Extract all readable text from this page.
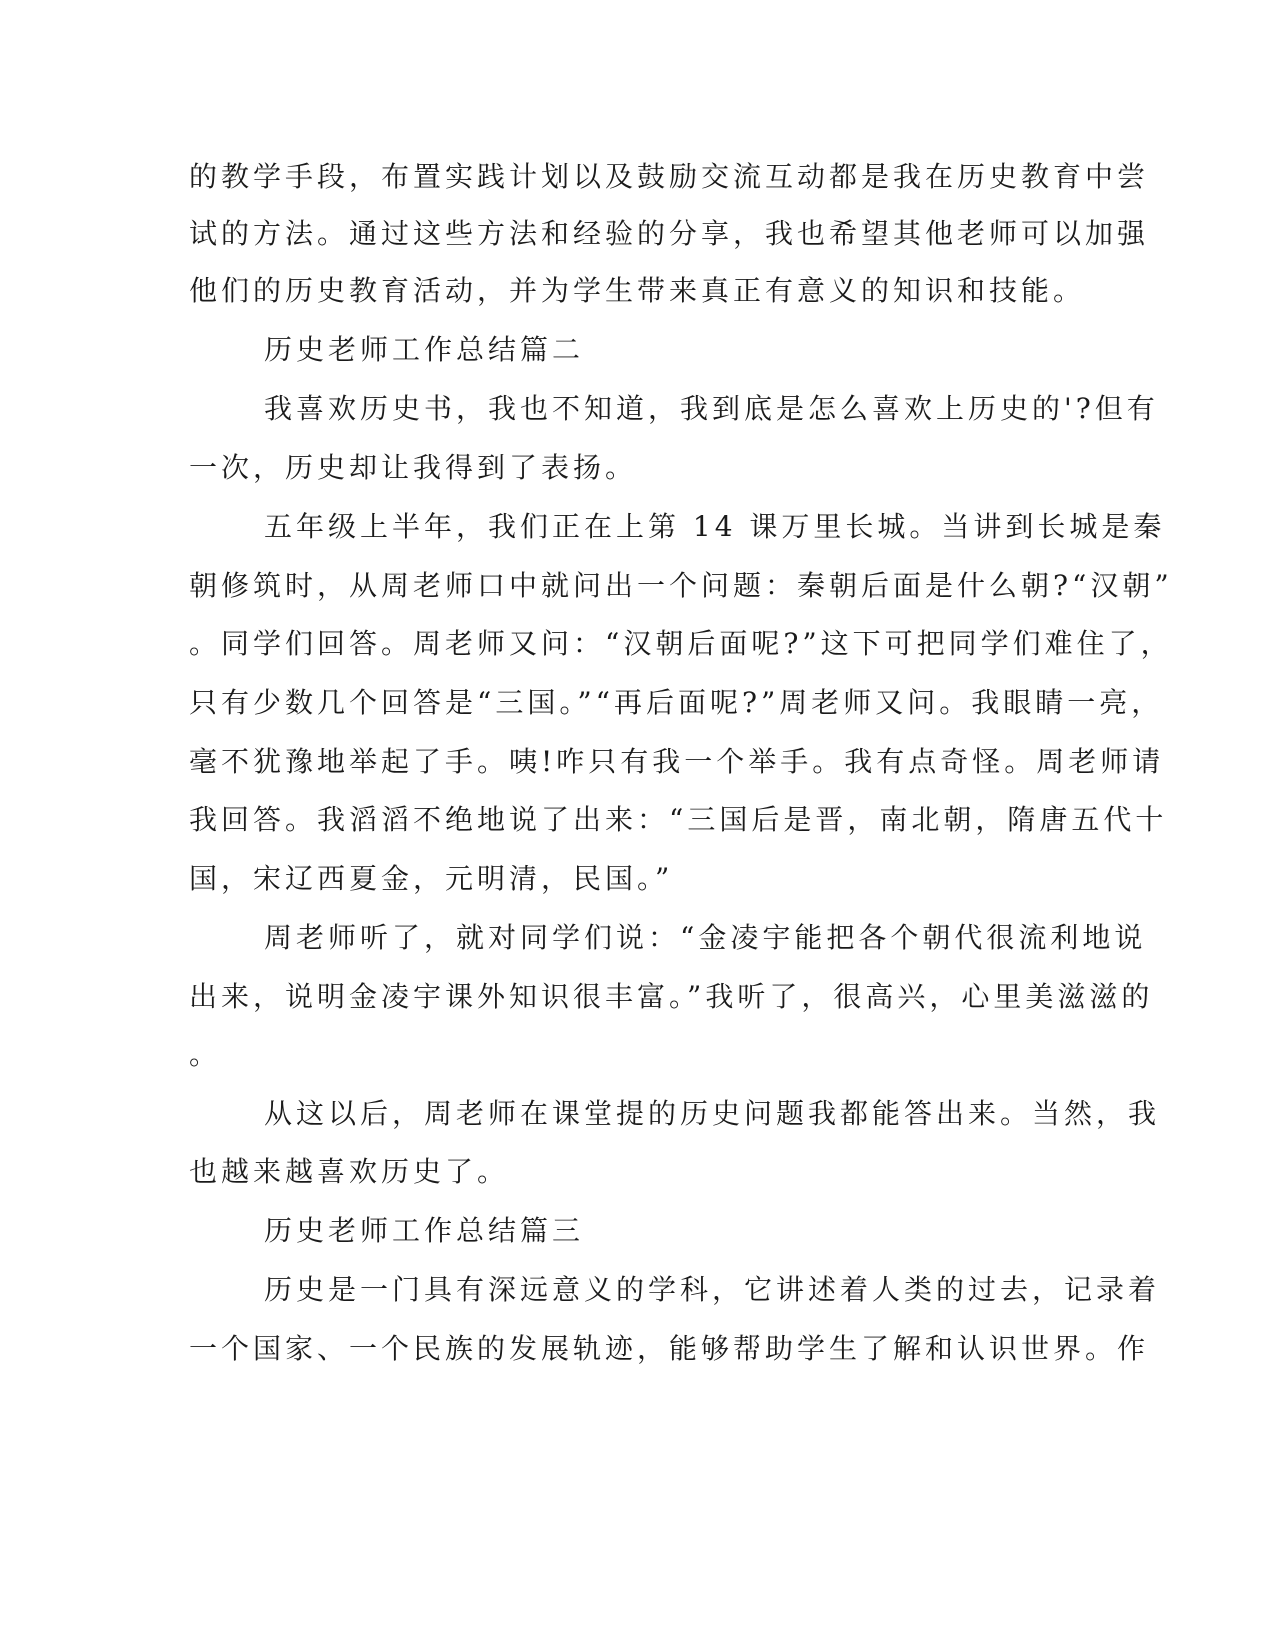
的教学手段，布置实践计划以及鼓励交流互动都是我在历史教育中尝
试的方法。通过这些方法和经验的分享，我也希望其他老师可以加强
他们的历史教育活动，并为学生带来真正有意义的知识和技能。
历史老师工作总结篇二
我喜欢历史书，我也不知道，我到底是怎么喜欢上历史的'?但有
一次，历史却让我得到了表扬。
五年级上半年，我们正在上第 14 课万里长城。当讲到长城是秦
朝修筑时，从周老师口中就问出一个问题：秦朝后面是什么朝?“汉朝”
。同学们回答。周老师又问：“汉朝后面呢?”这下可把同学们难住了，
只有少数几个回答是“三国。”“再后面呢?”周老师又问。我眼睛一亮，
毫不犹豫地举起了手。咦!咋只有我一个举手。我有点奇怪。周老师请
我回答。我滔滔不绝地说了出来：“三国后是晋，南北朝，隋唐五代十
国，宋辽西夏金，元明清，民国。”
周老师听了，就对同学们说：“金凌宇能把各个朝代很流利地说
出来，说明金凌宇课外知识很丰富。”我听了，很高兴，心里美滋滋的
。
从这以后，周老师在课堂提的历史问题我都能答出来。当然，我
也越来越喜欢历史了。
历史老师工作总结篇三
历史是一门具有深远意义的学科，它讲述着人类的过去，记录着
一个国家、一个民族的发展轨迹，能够帮助学生了解和认识世界。作
